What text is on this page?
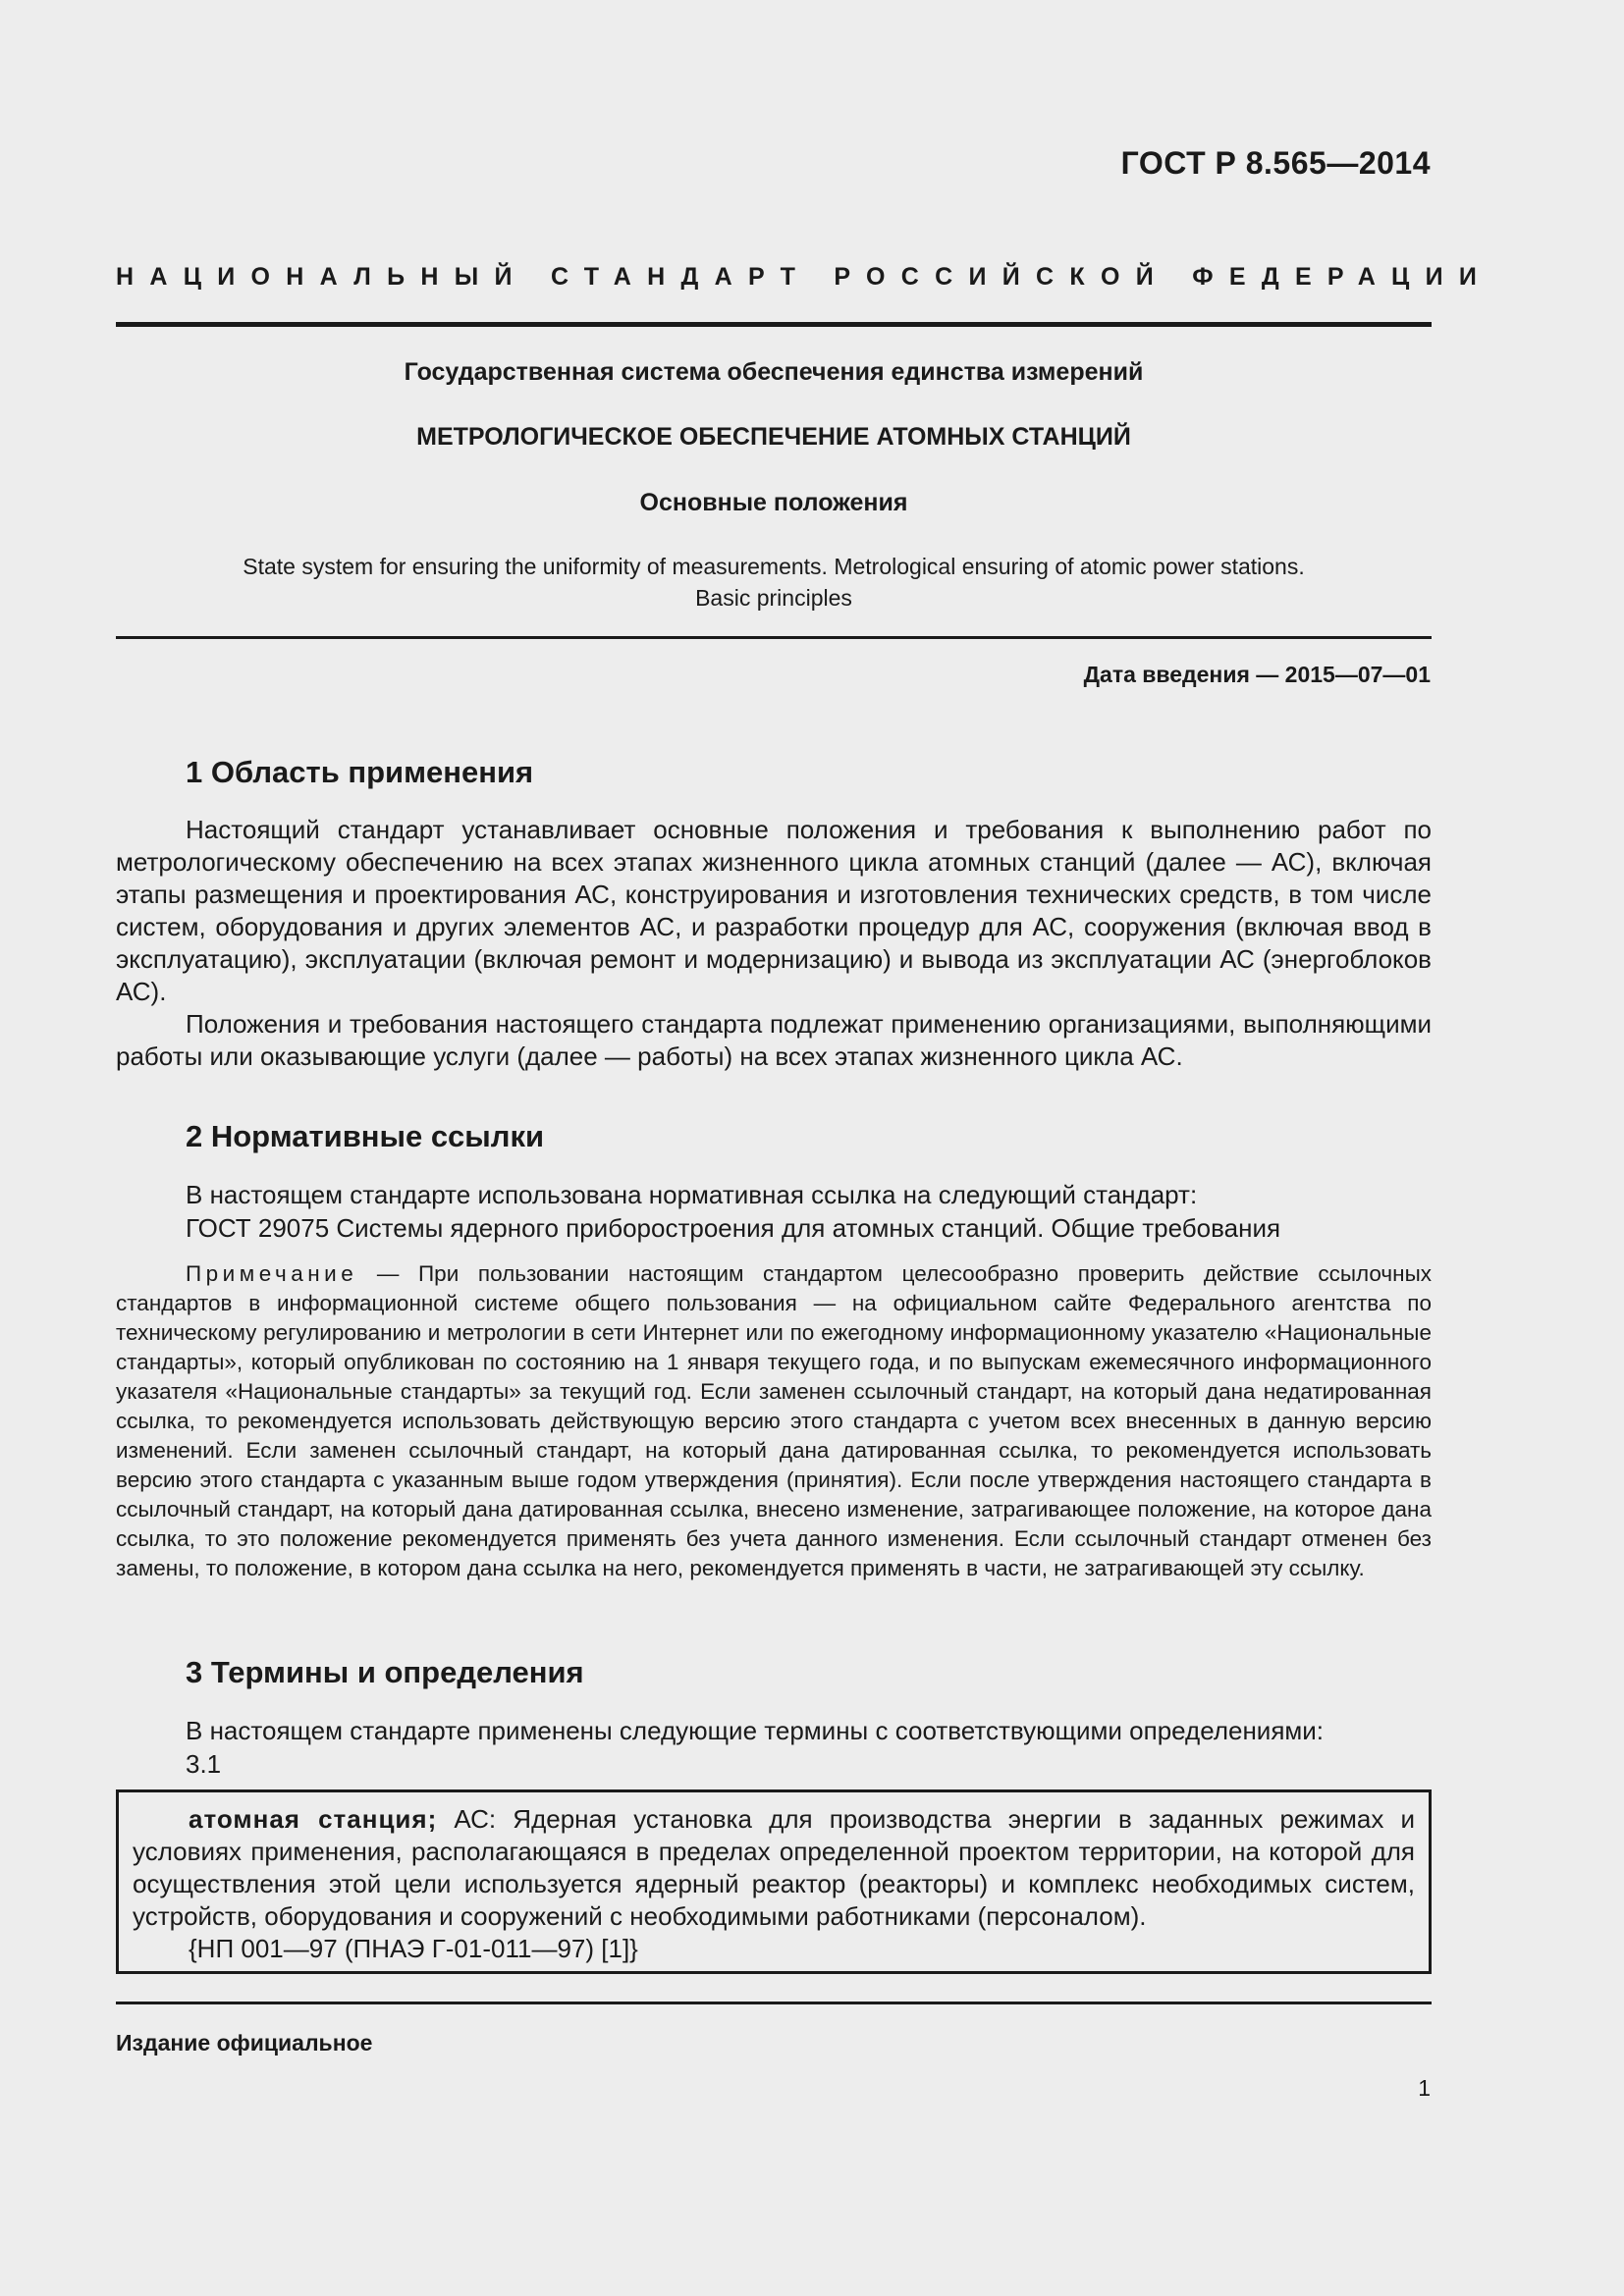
ГОСТ Р 8.565—2014
НАЦИОНАЛЬНЫЙ СТАНДАРТ РОССИЙСКОЙ ФЕДЕРАЦИИ
Государственная система обеспечения единства измерений
МЕТРОЛОГИЧЕСКОЕ ОБЕСПЕЧЕНИЕ АТОМНЫХ СТАНЦИЙ
Основные положения
State system for ensuring the uniformity of measurements. Metrological ensuring of atomic power stations.
Basic principles
Дата введения — 2015—07—01
1 Область применения

Настоящий стандарт устанавливает основные положения и требования к выполнению работ по метрологическому обеспечению на всех этапах жизненного цикла атомных станций (далее — АС), включая этапы размещения и проектирования АС, конструирования и изготовления технических средств, в том числе систем, оборудования и других элементов АС, и разработки процедур для АС, сооружения (включая ввод в эксплуатацию), эксплуатации (включая ремонт и модернизацию) и вывода из эксплуатации АС (энергоблоков АС).

Положения и требования настоящего стандарта подлежат применению организациями, выполняющими работы или оказывающие услуги (далее — работы) на всех этапах жизненного цикла АС.

2 Нормативные ссылки
В настоящем стандарте использована нормативная ссылка на следующий стандарт:
ГОСТ 29075 Системы ядерного приборостроения для атомных станций. Общие требования

Примечание — При пользовании настоящим стандартом целесообразно проверить действие ссылочных стандартов в информационной системе общего пользования — на официальном сайте Федерального агентства по техническому регулированию и метрологии в сети Интернет или по ежегодному информационному указателю «Национальные стандарты», который опубликован по состоянию на 1 января текущего года, и по выпускам ежемесячного информационного указателя «Национальные стандарты» за текущий год. Если заменен ссылочный стандарт, на который дана недатированная ссылка, то рекомендуется использовать действующую версию этого стандарта с учетом всех внесенных в данную версию изменений. Если заменен ссылочный стандарт, на который дана датированная ссылка, то рекомендуется использовать версию этого стандарта с указанным выше годом утверждения (принятия). Если после утверждения настоящего стандарта в ссылочный стандарт, на который дана датированная ссылка, внесено изменение, затрагивающее положение, на которое дана ссылка, то это положение рекомендуется применять без учета данного изменения. Если ссылочный стандарт отменен без замены, то положение, в котором дана ссылка на него, рекомендуется применять в части, не затрагивающей эту ссылку.

3 Термины и определения
В настоящем стандарте применены следующие термины с соответствующими определениями:
3.1

атомная станция; АС: Ядерная установка для производства энергии в заданных режимах и условиях применения, располагающаяся в пределах определенной проектом территории, на которой для осуществления этой цели используется ядерный реактор (реакторы) и комплекс необходимых систем, устройств, оборудования и сооружений с необходимыми работниками (персоналом).

{НП 001—97 (ПНАЭ Г-01-011—97) [1]}
Издание официальное
1
